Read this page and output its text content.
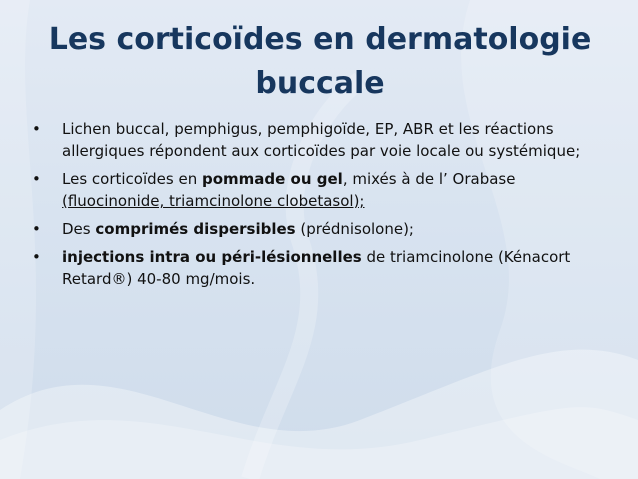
Les corticoïdes en dermatologie
buccale
• Lichen buccal, pemphigus, pemphigoïde, EP, ABR et les réactions allergiques répondent aux corticoïdes par voie locale ou systémique;
• Les corticoïdes en pommade ou gel, mixés à de l’ Orabase (fluocinonide, triamcinolone clobetasol);
• Des comprimés dispersibles (prédnisolone);
• injections intra ou péri-lésionnelles de triamcinolone (Kénacort Retard®) 40-80 mg/mois.
